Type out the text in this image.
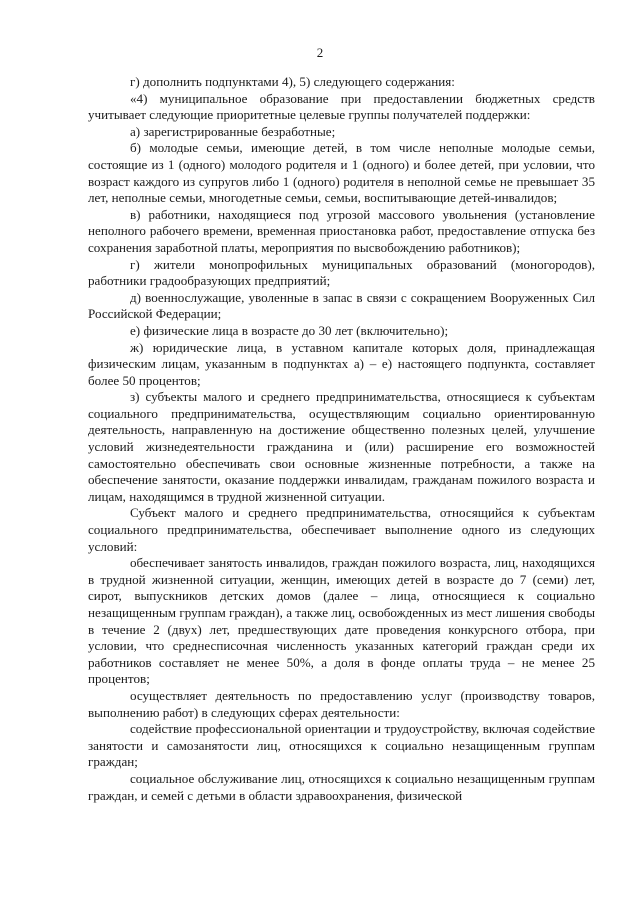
2

г) дополнить подпунктами 4), 5) следующего содержания:

«4) муниципальное образование при предоставлении бюджетных средств учитывает следующие приоритетные целевые группы получателей поддержки:

а) зарегистрированные безработные;

б) молодые семьи, имеющие детей, в том числе неполные молодые семьи, состоящие из 1 (одного) молодого родителя и 1 (одного) и более детей, при условии, что возраст каждого из супругов либо 1 (одного) родителя в неполной семье не превышает 35 лет, неполные семьи, многодетные семьи, семьи, воспитывающие детей-инвалидов;

в) работники, находящиеся под угрозой массового увольнения (установление неполного рабочего времени, временная приостановка работ, предоставление отпуска без сохранения заработной платы, мероприятия по высвобождению работников);

г) жители монопрофильных муниципальных образований (моногородов), работники градообразующих предприятий;

д) военнослужащие, уволенные в запас в связи с сокращением Вооруженных Сил Российской Федерации;

е) физические лица в возрасте до 30 лет (включительно);

ж) юридические лица, в уставном капитале которых доля, принадлежащая физическим лицам, указанным в подпунктах а) – е) настоящего подпункта, составляет более 50 процентов;

з) субъекты малого и среднего предпринимательства, относящиеся к субъектам социального предпринимательства, осуществляющим социально ориентированную деятельность, направленную на достижение общественно полезных целей, улучшение условий жизнедеятельности гражданина и (или) расширение его возможностей самостоятельно обеспечивать свои основные жизненные потребности, а также на обеспечение занятости, оказание поддержки инвалидам, гражданам пожилого возраста и лицам, находящимся в трудной жизненной ситуации.

Субъект малого и среднего предпринимательства, относящийся к субъектам социального предпринимательства, обеспечивает выполнение одного из следующих условий:

обеспечивает занятость инвалидов, граждан пожилого возраста, лиц, находящихся в трудной жизненной ситуации, женщин, имеющих детей в возрасте до 7 (семи) лет, сирот, выпускников детских домов (далее – лица, относящиеся к социально незащищенным группам граждан), а также лиц, освобожденных из мест лишения свободы в течение 2 (двух) лет, предшествующих дате проведения конкурсного отбора, при условии, что среднесписочная численность указанных категорий граждан среди их работников составляет не менее 50%, а доля в фонде оплаты труда – не менее 25 процентов;

осуществляет деятельность по предоставлению услуг (производству товаров, выполнению работ) в следующих сферах деятельности:

содействие профессиональной ориентации и трудоустройству, включая содействие занятости и самозанятости лиц, относящихся к социально незащищенным группам граждан;

социальное обслуживание лиц, относящихся к социально незащищенным группам граждан, и семей с детьми в области здравоохранения, физической
